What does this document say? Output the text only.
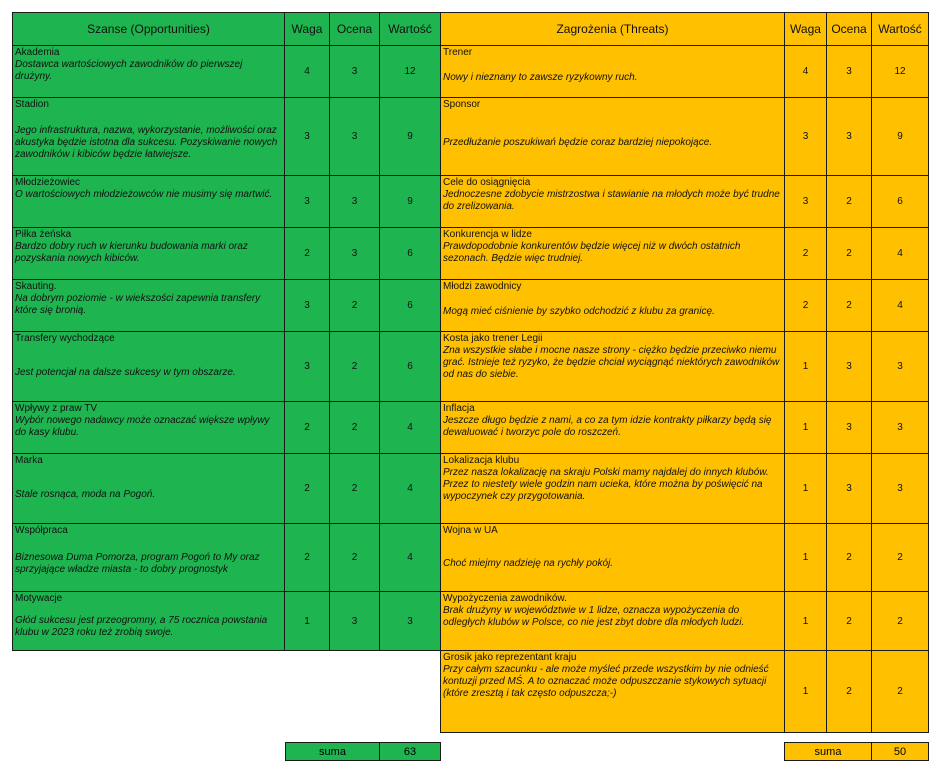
Szanse (Opportunities)	Waga	Ocena	Wartość

Akademia
Dostawca wartościowych zawodników do pierwszej drużyny.	4	3	12

Stadion
Jego infrastruktura, nazwa, wykorzystanie, możliwości oraz akustyka będzie istotna dla sukcesu. Pozyskiwanie nowych zawodników i kibiców będzie łatwiejsze.	3	3	9

Młodzieżowiec
O wartościowych młodzieżowców nie musimy się martwić.	3	3	9

Piłka żeńska
Bardzo dobry ruch w kierunku budowania marki oraz pozyskania nowych kibiców.	2	3	6

Skauting.
Na dobrym poziomie - w wiekszości zapewnia transfery które się bronią.	3	2	6

Transfery wychodzące
Jest potencjał na dalsze sukcesy w tym obszarze.	3	2	6

Wpływy z praw TV
Wybór nowego nadawcy może oznaczać większe wpływy do kasy klubu.	2	2	4

Marka
Stale rosnąca, moda na Pogoń.	2	2	4

Współpraca
Biznesowa Duma Pomorza, program Pogoń to My oraz sprzyjające władze miasta - to dobry prognostyk	2	2	4

Motywacje
Głód sukcesu jest przeogromny, a 75 rocznica powstania klubu w 2023 roku też zrobią swoje.	1	3	3
Zagrożenia (Threats)	Waga	Ocena	Wartość

Trener
Nowy i nieznany to zawsze ryzykowny ruch.	4	3	12

Sponsor
Przedłużanie poszukiwań będzie coraz bardziej niepokojące.	3	3	9

Cele do osiągnięcia
Jednoczesne zdobycie mistrzostwa i stawianie na młodych może być trudne do zrelizowania.	3	2	6

Konkurencja w lidze
Prawdopodobnie konkurentów będzie więcej niż w dwóch ostatnich sezonach. Będzie więc trudniej.	2	2	4

Młodzi zawodnicy
Mogą mieć ciśnienie by szybko odchodzić z klubu za granicę.	2	2	4

Kosta jako trener Legii
Zna wszystkie słabe i mocne nasze strony - ciężko będzie przeciwko niemu grać. Istnieje też ryzyko, że będzie chciał wyciągnąć niektórych zawodników od nas do siebie.	1	3	3

Inflacja
Jeszcze długo będzie z nami, a co za tym idzie kontrakty piłkarzy będą się dewaluować i tworzyc pole do roszczeń.	1	3	3

Lokalizacja klubu
Przez nasza lokalizację na skraju Polski mamy najdalej do innych klubów. Przez to niestety wiele godzin nam ucieka, które można by poświęcić na wypoczynek czy przygotowania.	1	3	3

Wojna w UA
Choć miejmy nadzieję na rychły pokój.	1	2	2

Wypożyczenia zawodników.
Brak drużyny w województwie w 1 lidze, oznacza wypożyczenia do odległych klubów w Polsce, co nie jest zbyt dobre dla młodych ludzi.	1	2	2

Grosik jako reprezentant kraju
Przy całym szacunku - ale może myśleć przede wszystkim by nie odnieść kontuzji przed MŚ. A to oznaczać może odpuszczanie stykowych sytuacji (które zresztą i tak często odpuszcza;-)	1	2	2
suma	63	suma	50
